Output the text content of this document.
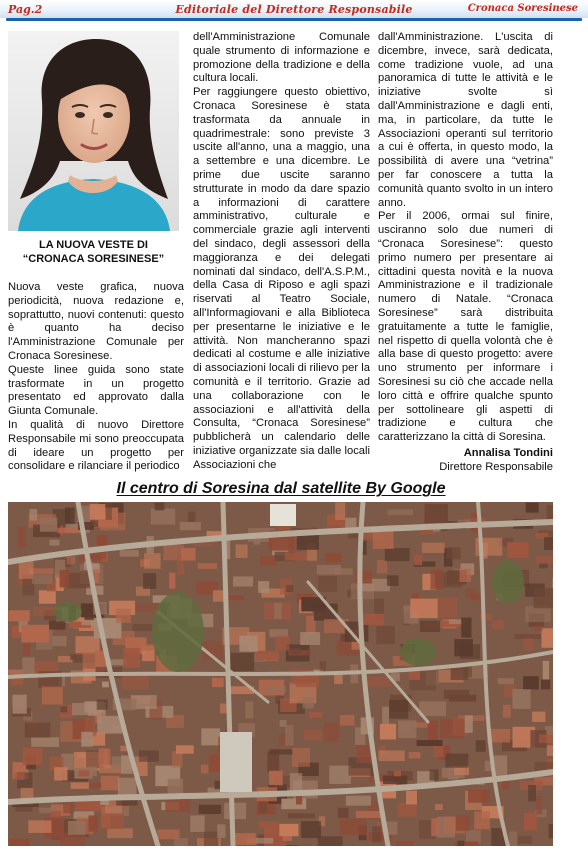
Pag.2	Editoriale del Direttore Responsabile	Cronaca Soresinese
LA NUOVA VESTE DI
“CRONACA SORESINESE”

Nuova veste grafica, nuova periodicità, nuova redazione e, soprattutto, nuovi contenuti: questo è quanto ha deciso l'Amministrazione Comunale per Cronaca Soresinese.

Queste linee guida sono state trasformate in un progetto presentato ed approvato dalla Giunta Comunale.

In qualità di nuovo Direttore Responsabile mi sono preoccupata di ideare un progetto per consolidare e rilanciare il periodico

dell'Amministrazione Comunale quale strumento di informazione e promozione della tradizione e della cultura locali.

Per raggiungere questo obiettivo, Cronaca Soresinese è stata trasformata da annuale in quadrimestrale: sono previste 3 uscite all'anno, una a maggio, una a settembre e una dicembre. Le prime due uscite saranno strutturate in modo da dare spazio a informazioni di carattere amministrativo, culturale e commerciale grazie agli interventi del sindaco, degli assessori della maggioranza e dei delegati nominati dal sindaco, dell'A.S.P.M., della Casa di Riposo e agli spazi riservati al Teatro Sociale, all'Informagiovani e alla Biblioteca per presentarne le iniziative e le attività. Non mancheranno spazi dedicati al costume e alle iniziative di associazioni locali di rilievo per la comunità e il territorio. Grazie ad una collaborazione con le associazioni e all'attività della Consulta, “Cronaca Soresinese” pubblicherà un calendario delle iniziative organizzate sia dalle locali Associazioni che

dall'Amministrazione. L'uscita di dicembre, invece, sarà dedicata, come tradizione vuole, ad una panoramica di tutte le attività e le iniziative svolte sì dall'Amministrazione e dagli enti, ma, in particolare, da tutte le Associazioni operanti sul territorio a cui è offerta, in questo modo, la possibilità di avere una “vetrina” per far conoscere a tutta la comunità quanto svolto in un intero anno.

Per il 2006, ormai sul finire, usciranno solo due numeri di “Cronaca Soresinese”: questo primo numero per presentare ai cittadini questa novità e la nuova Amministrazione e il tradizionale numero di Natale. “Cronaca Soresinese” sarà distribuita gratuitamente a tutte le famiglie, nel rispetto di quella volontà che è alla base di questo progetto: avere uno strumento per informare i Soresinesi su ciò che accade nella loro città e offrire qualche spunto per sottolineare gli aspetti di tradizione e cultura che caratterizzano la città di Soresina.

Annalisa Tondini
Direttore Responsabile
Il centro di Soresina dal satellite By Google
